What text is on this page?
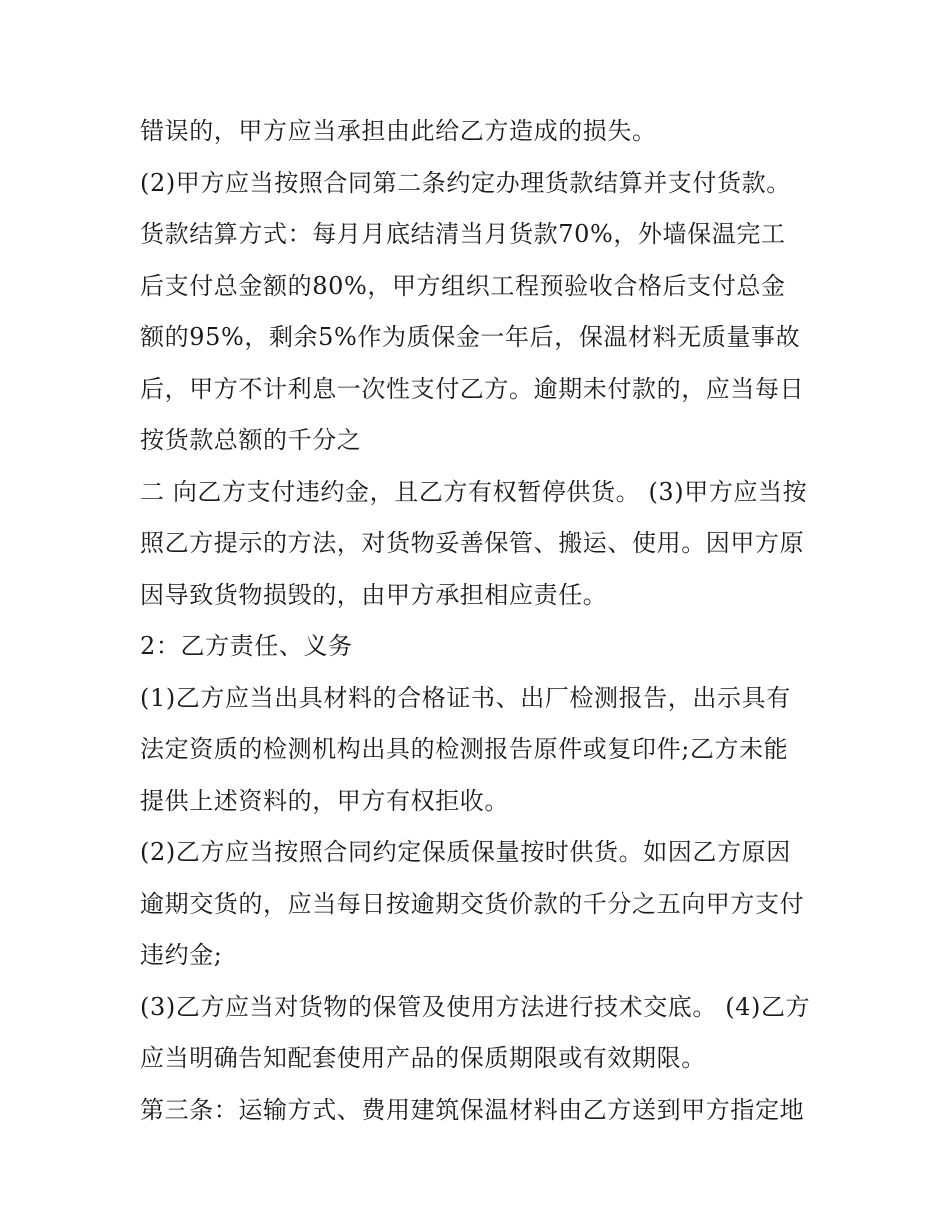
错误的，甲方应当承担由此给乙方造成的损失。
(2)甲方应当按照合同第二条约定办理货款结算并支付货款。
货款结算方式：每月月底结清当月货款70%，外墙保温完工
后支付总金额的80%，甲方组织工程预验收合格后支付总金
额的95%，剩余5%作为质保金一年后，保温材料无质量事故
后，甲方不计利息一次性支付乙方。逾期未付款的，应当每日
按货款总额的千分之
二 向乙方支付违约金，且乙方有权暂停供货。 (3)甲方应当按
照乙方提示的方法，对货物妥善保管、搬运、使用。因甲方原
因导致货物损毁的，由甲方承担相应责任。
2：乙方责任、义务
(1)乙方应当出具材料的合格证书、出厂检测报告，出示具有
法定资质的检测机构出具的检测报告原件或复印件;乙方未能
提供上述资料的，甲方有权拒收。
(2)乙方应当按照合同约定保质保量按时供货。如因乙方原因
逾期交货的，应当每日按逾期交货价款的千分之五向甲方支付
违约金;
(3)乙方应当对货物的保管及使用方法进行技术交底。 (4)乙方
应当明确告知配套使用产品的保质期限或有效期限。
第三条：运输方式、费用建筑保温材料由乙方送到甲方指定地
